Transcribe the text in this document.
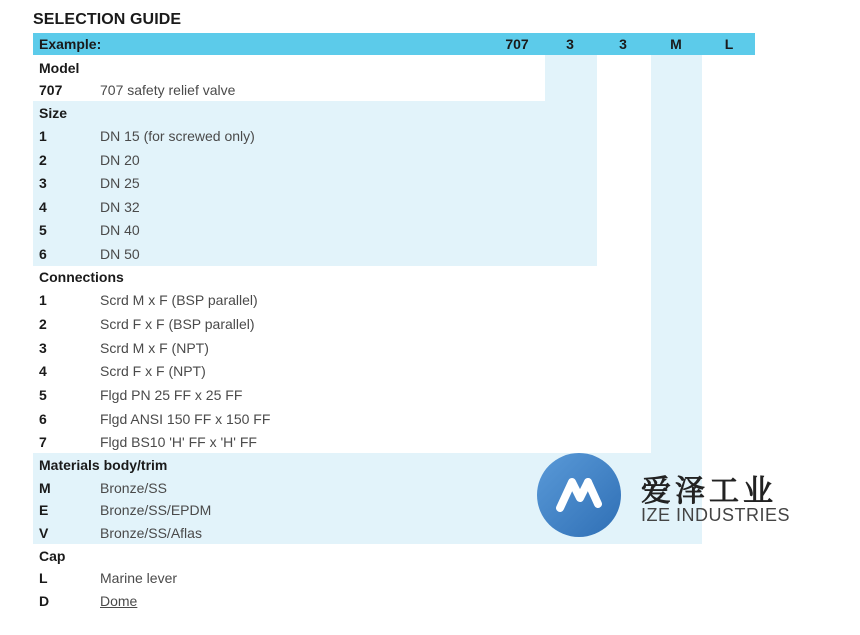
SELECTION GUIDE
Example:	707	3	3	M	L
Model
707	707 safety relief valve
Size
1	DN 15 (for screwed only)
2	DN 20
3	DN 25
4	DN 32
5	DN 40
6	DN 50
Connections
1	Scrd M x F (BSP parallel)
2	Scrd F x F (BSP parallel)
3	Scrd M x F (NPT)
4	Scrd F x F (NPT)
5	Flgd PN 25 FF x 25 FF
6	Flgd ANSI 150 FF x 150 FF
7	Flgd BS10 'H' FF x 'H' FF
Materials body/trim
M	Bronze/SS
E	Bronze/SS/EPDM
V	Bronze/SS/Aflas
Cap
L	Marine lever
D	Dome
爱泽工业
IZE INDUSTRIES
